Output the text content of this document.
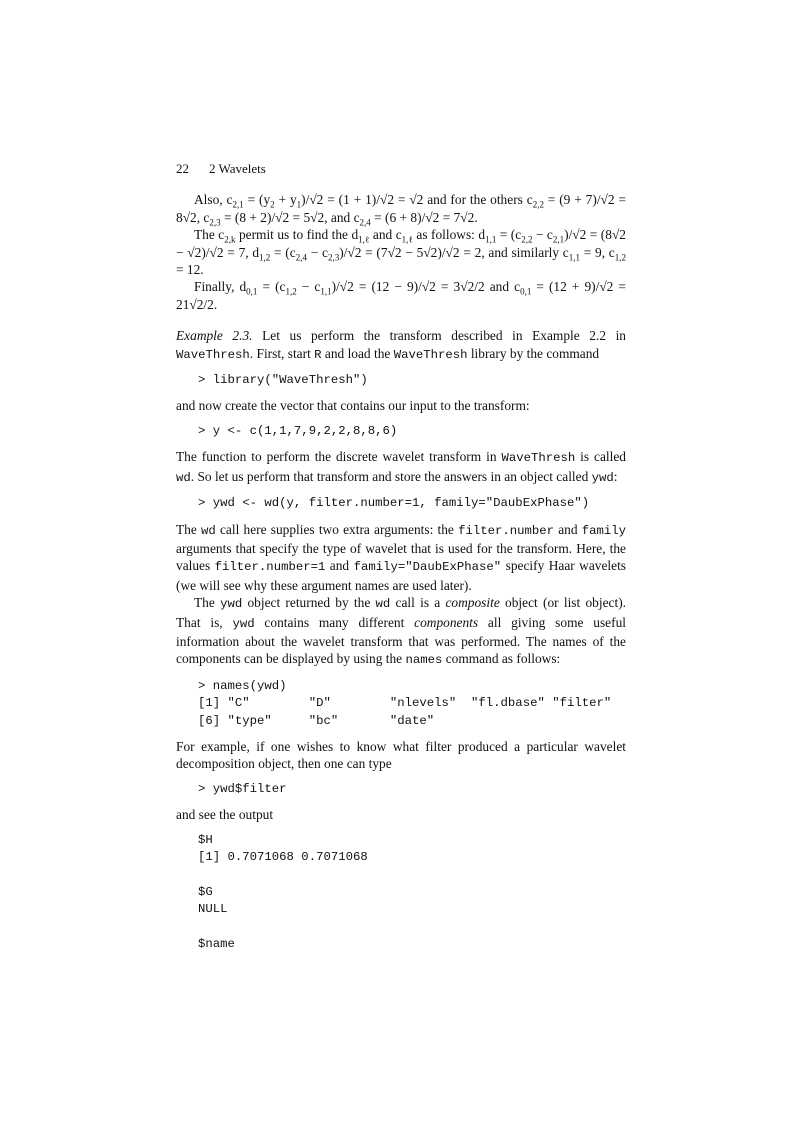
22 2 Wavelets

Also, $c_{2,1} = (y_2 + y_1)/√2 = (1 + 1)/√2 = √2$ and for the others $c_{2,2} = (9 + 7)/√2 = 8√2$, $c_{2,3} = (8 + 2)/√2 = 5√2$, and $c_{2,4} = (6 + 8)/√2 = 7√2$.

The $c_{2,k}$ permit us to find the $d_{1,\ell}$ and $c_{1,\ell}$ as follows: $d_{1,1} = (c_{2,2} - c_{2,1})/√2 = (8√2 - √2)/√2 = 7$, $d_{1,2} = (c_{2,4} - c_{2,3})/√2 = (7√2 - 5√2)/√2 = 2$, and similarly $c_{1,1} = 9$, $c_{1,2} = 12$.

Finally, $d_{0,1} = (c_{1,2} - c_{1,1})/√2 = (12 - 9)/√2 = 3√2/2$ and $c_{0,1} = (12 + 9)/√2 = 21√2/2$.

Example 2.3. Let us perform the transform described in Example 2.2 in WaveThresh. First, start R and load the WaveThresh library by the command

> library("WaveThresh")

and now create the vector that contains our input to the transform:

> y <- c(1,1,7,9,2,2,8,8,6)

The function to perform the discrete wavelet transform in WaveThresh is called wd. So let us perform that transform and store the answers in an object called ywd:

> ywd <- wd(y, filter.number=1, family="DaubExPhase")

The wd call here supplies two extra arguments: the filter.number and family arguments that specify the type of wavelet that is used for the transform. Here, the values filter.number=1 and family="DaubExPhase" specify Haar wavelets (we will see why these argument names are used later).

The ywd object returned by the wd call is a composite object (or list object). That is, ywd contains many different components all giving some useful information about the wavelet transform that was performed. The names of the components can be displayed by using the names command as follows:

> names(ywd)
[1] "C"        "D"        "nlevels"  "fl.dbase" "filter"
[6] "type"     "bc"       "date"

For example, if one wishes to know what filter produced a particular wavelet decomposition object, then one can type

> ywd$filter

and see the output

$H
[1] 0.7071068 0.7071068

$G
NULL

$name
